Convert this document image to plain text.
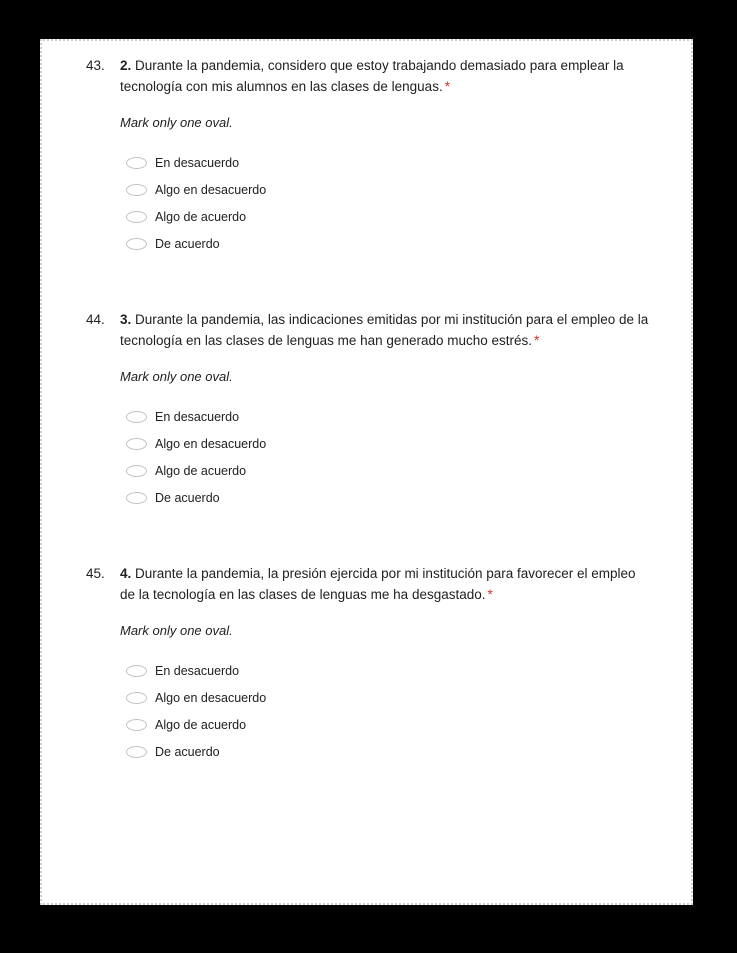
43.	2. Durante la pandemia, considero que estoy trabajando demasiado para emplear la tecnología con mis alumnos en las clases de lenguas. *
Mark only one oval.
En desacuerdo
Algo en desacuerdo
Algo de acuerdo
De acuerdo
44.	3. Durante la pandemia, las indicaciones emitidas por mi institución para el empleo de la tecnología en las clases de lenguas me han generado mucho estrés. *
Mark only one oval.
En desacuerdo
Algo en desacuerdo
Algo de acuerdo
De acuerdo
45.	4. Durante la pandemia, la presión ejercida por mi institución para favorecer el empleo de la tecnología en las clases de lenguas me ha desgastado. *
Mark only one oval.
En desacuerdo
Algo en desacuerdo
Algo de acuerdo
De acuerdo
